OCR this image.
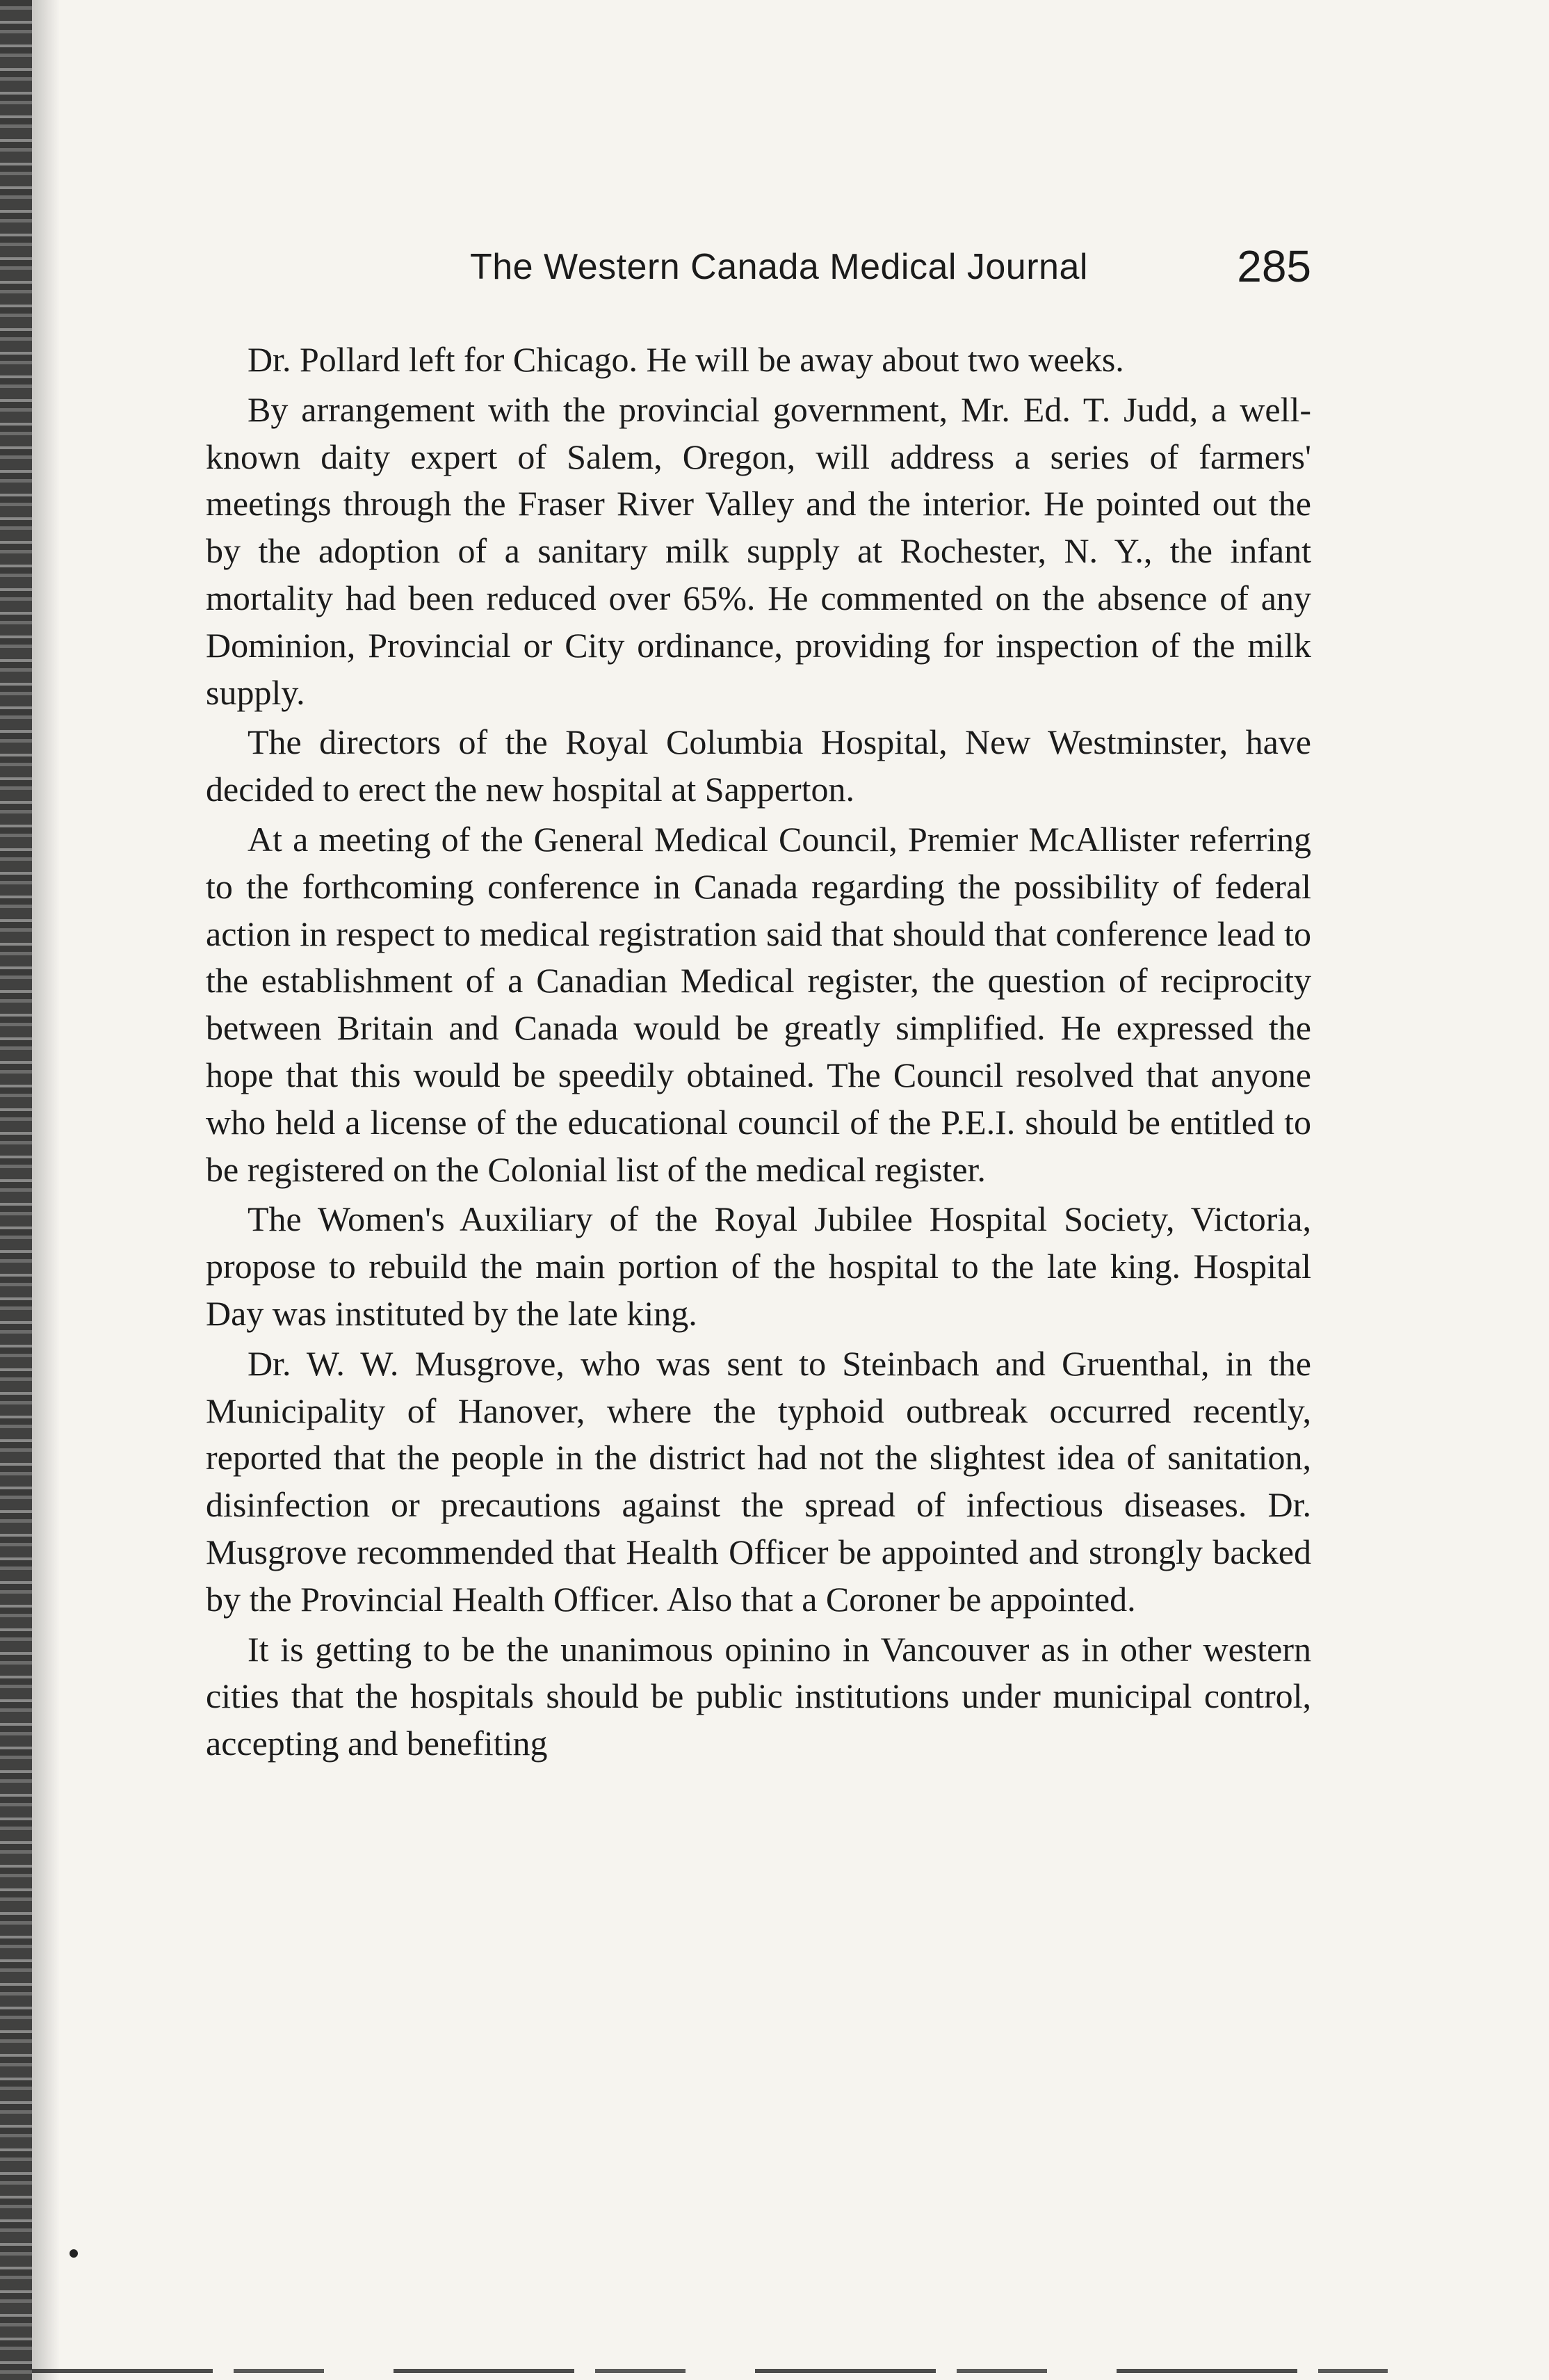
The Western Canada Medical Journal	285

Dr. Pollard left for Chicago. He will be away about two weeks.

By arrangement with the provincial government, Mr. Ed. T. Judd, a well-known daity expert of Salem, Oregon, will address a series of farmers' meetings through the Fraser River Valley and the interior. He pointed out the by the adoption of a sanitary milk supply at Rochester, N. Y., the infant mortality had been reduced over 65%. He commented on the absence of any Dominion, Provincial or City ordinance, providing for inspection of the milk supply.

The directors of the Royal Columbia Hospital, New Westminster, have decided to erect the new hospital at Sapperton.

At a meeting of the General Medical Council, Premier McAllister referring to the forthcoming conference in Canada regarding the possibility of federal action in respect to medical registration said that should that conference lead to the establishment of a Canadian Medical register, the question of reciprocity between Britain and Canada would be greatly simplified. He expressed the hope that this would be speedily obtained. The Council resolved that anyone who held a license of the educational council of the P.E.I. should be entitled to be registered on the Colonial list of the medical register.

The Women's Auxiliary of the Royal Jubilee Hospital Society, Victoria, propose to rebuild the main portion of the hospital to the late king. Hospital Day was instituted by the late king.

Dr. W. W. Musgrove, who was sent to Steinbach and Gruenthal, in the Municipality of Hanover, where the typhoid outbreak occurred recently, reported that the people in the district had not the slightest idea of sanitation, disinfection or precautions against the spread of infectious diseases. Dr. Musgrove recommended that Health Officer be appointed and strongly backed by the Provincial Health Officer. Also that a Coroner be appointed.

It is getting to be the unanimous opinino in Vancouver as in other western cities that the hospitals should be public institutions under municipal control, accepting and benefiting
